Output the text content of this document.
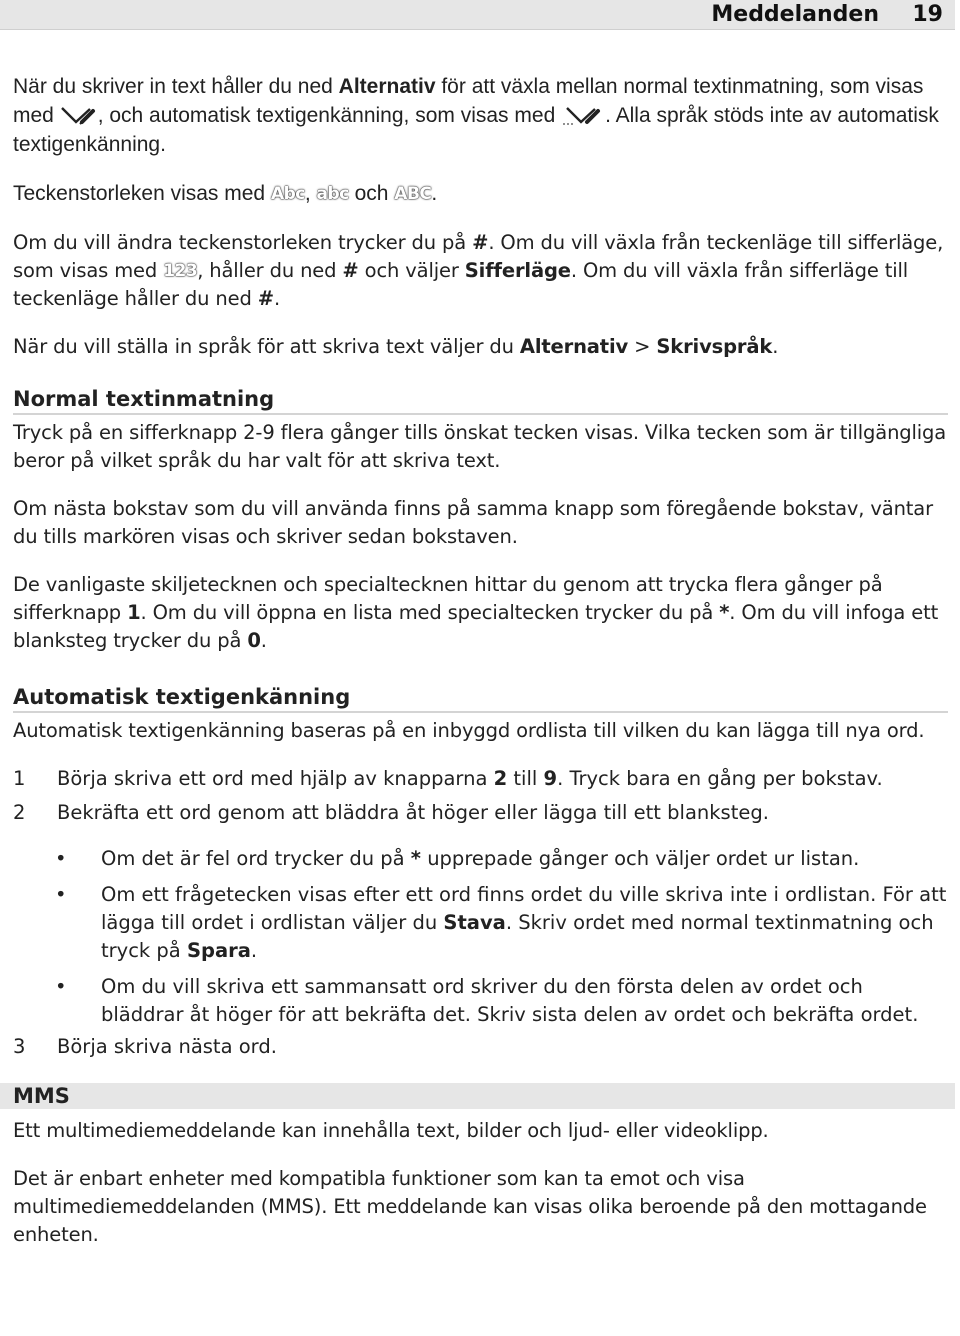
Meddelanden 19

När du skriver in text håller du ned Alternativ för att växla mellan normal textinmatning, som visas med , och automatisk textigenkänning, som visas med . Alla språk stöds inte av automatisk textigenkänning.

Teckenstorleken visas med Abc, abc och ABC.

Om du vill ändra teckenstorleken trycker du på #. Om du vill växla från teckenläge till sifferläge, som visas med 123, håller du ned # och väljer Sifferläge. Om du vill växla från sifferläge till teckenläge håller du ned #.

När du vill ställa in språk för att skriva text väljer du Alternativ > Skrivspråk.

Normal textinmatning

Tryck på en sifferknapp 2-9 flera gånger tills önskat tecken visas. Vilka tecken som är tillgängliga beror på vilket språk du har valt för att skriva text.

Om nästa bokstav som du vill använda finns på samma knapp som föregående bokstav, väntar du tills markören visas och skriver sedan bokstaven.

De vanligaste skiljetecknen och specialtecknen hittar du genom att trycka flera gånger på sifferknapp 1. Om du vill öppna en lista med specialtecken trycker du på *. Om du vill infoga ett blanksteg trycker du på 0.

Automatisk textigenkänning

Automatisk textigenkänning baseras på en inbyggd ordlista till vilken du kan lägga till nya ord.

1	Börja skriva ett ord med hjälp av knapparna 2 till 9. Tryck bara en gång per bokstav.
2	Bekräfta ett ord genom att bläddra åt höger eller lägga till ett blanksteg.
• Om det är fel ord trycker du på * upprepade gånger och väljer ordet ur listan.
• Om ett frågetecken visas efter ett ord finns ordet du ville skriva inte i ordlistan. För att lägga till ordet i ordlistan väljer du Stava. Skriv ordet med normal textinmatning och tryck på Spara.
• Om du vill skriva ett sammansatt ord skriver du den första delen av ordet och bläddrar åt höger för att bekräfta det. Skriv sista delen av ordet och bekräfta ordet.
3	Börja skriva nästa ord.
MMS

Ett multimediemeddelande kan innehålla text, bilder och ljud- eller videoklipp.

Det är enbart enheter med kompatibla funktioner som kan ta emot och visa multimediemeddelanden (MMS). Ett meddelande kan visas olika beroende på den mottagande enheten.
